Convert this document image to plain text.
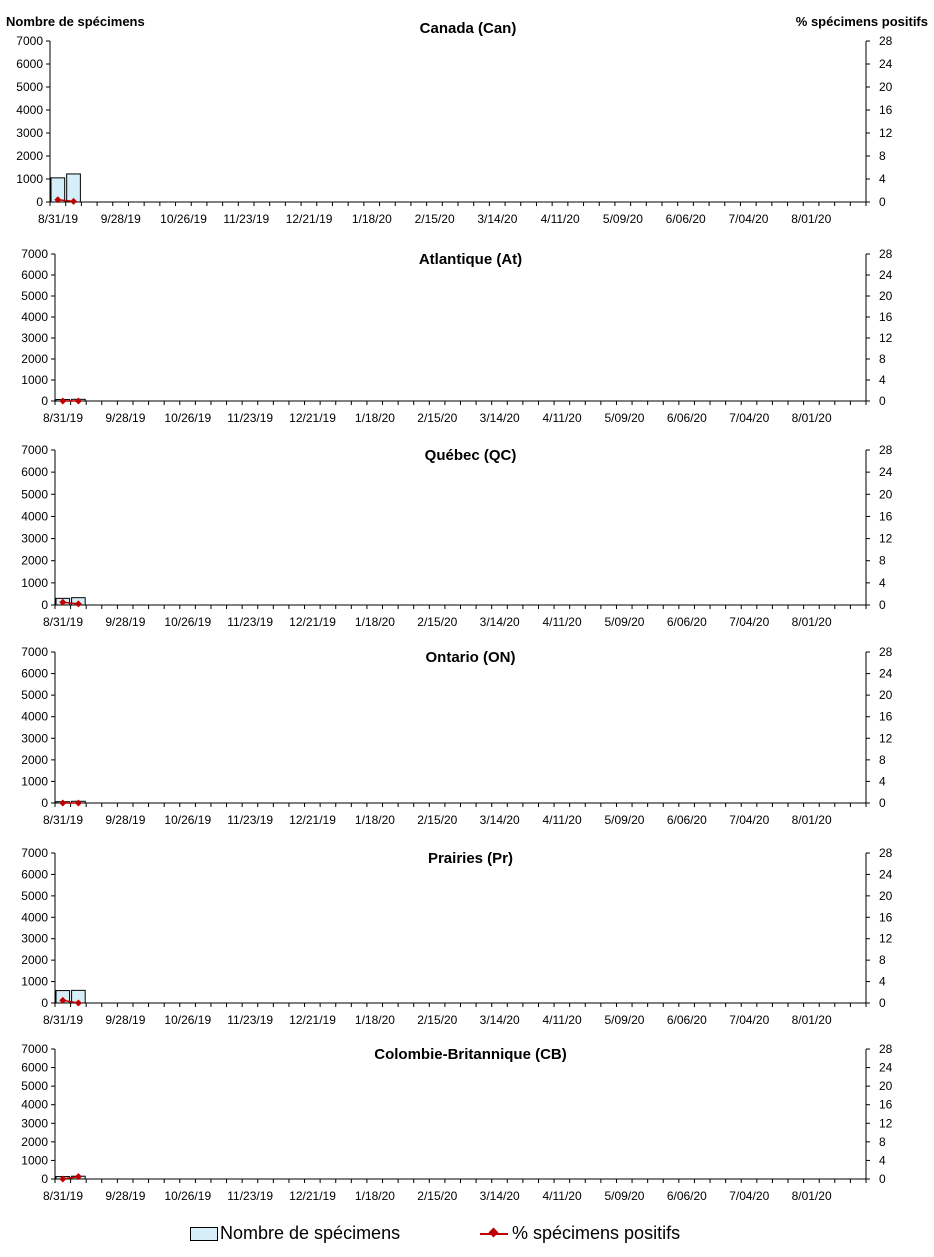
Nombre de spécimens	% spécimens positifs
Canada (Can)
0
1000
2000
3000
4000
5000
6000
7000
0
4
8
12
16
20
24
28
8/31/19 9/28/19 10/26/19 11/23/19 12/21/19 1/18/20 2/15/20 3/14/20 4/11/20 5/09/20 6/06/20 7/04/20 8/01/20
Atlantique (At)
0
1000
2000
3000
4000
5000
6000
7000
0
4
8
12
16
20
24
28
8/31/19 9/28/19 10/26/19 11/23/19 12/21/19 1/18/20 2/15/20 3/14/20 4/11/20 5/09/20 6/06/20 7/04/20 8/01/20
Québec (QC)
0
1000
2000
3000
4000
5000
6000
7000
0
4
8
12
16
20
24
28
8/31/19 9/28/19 10/26/19 11/23/19 12/21/19 1/18/20 2/15/20 3/14/20 4/11/20 5/09/20 6/06/20 7/04/20 8/01/20
Ontario (ON)
0
1000
2000
3000
4000
5000
6000
7000
0
4
8
12
16
20
24
28
8/31/19 9/28/19 10/26/19 11/23/19 12/21/19 1/18/20 2/15/20 3/14/20 4/11/20 5/09/20 6/06/20 7/04/20 8/01/20
Prairies (Pr)
0
1000
2000
3000
4000
5000
6000
7000
0
4
8
12
16
20
24
28
8/31/19 9/28/19 10/26/19 11/23/19 12/21/19 1/18/20 2/15/20 3/14/20 4/11/20 5/09/20 6/06/20 7/04/20 8/01/20
Colombie-Britannique (CB)
0
1000
2000
3000
4000
5000
6000
7000
0
4
8
12
16
20
24
28
8/31/19 9/28/19 10/26/19 11/23/19 12/21/19 1/18/20 2/15/20 3/14/20 4/11/20 5/09/20 6/06/20 7/04/20 8/01/20
Nombre de spécimens	% spécimens positifs
